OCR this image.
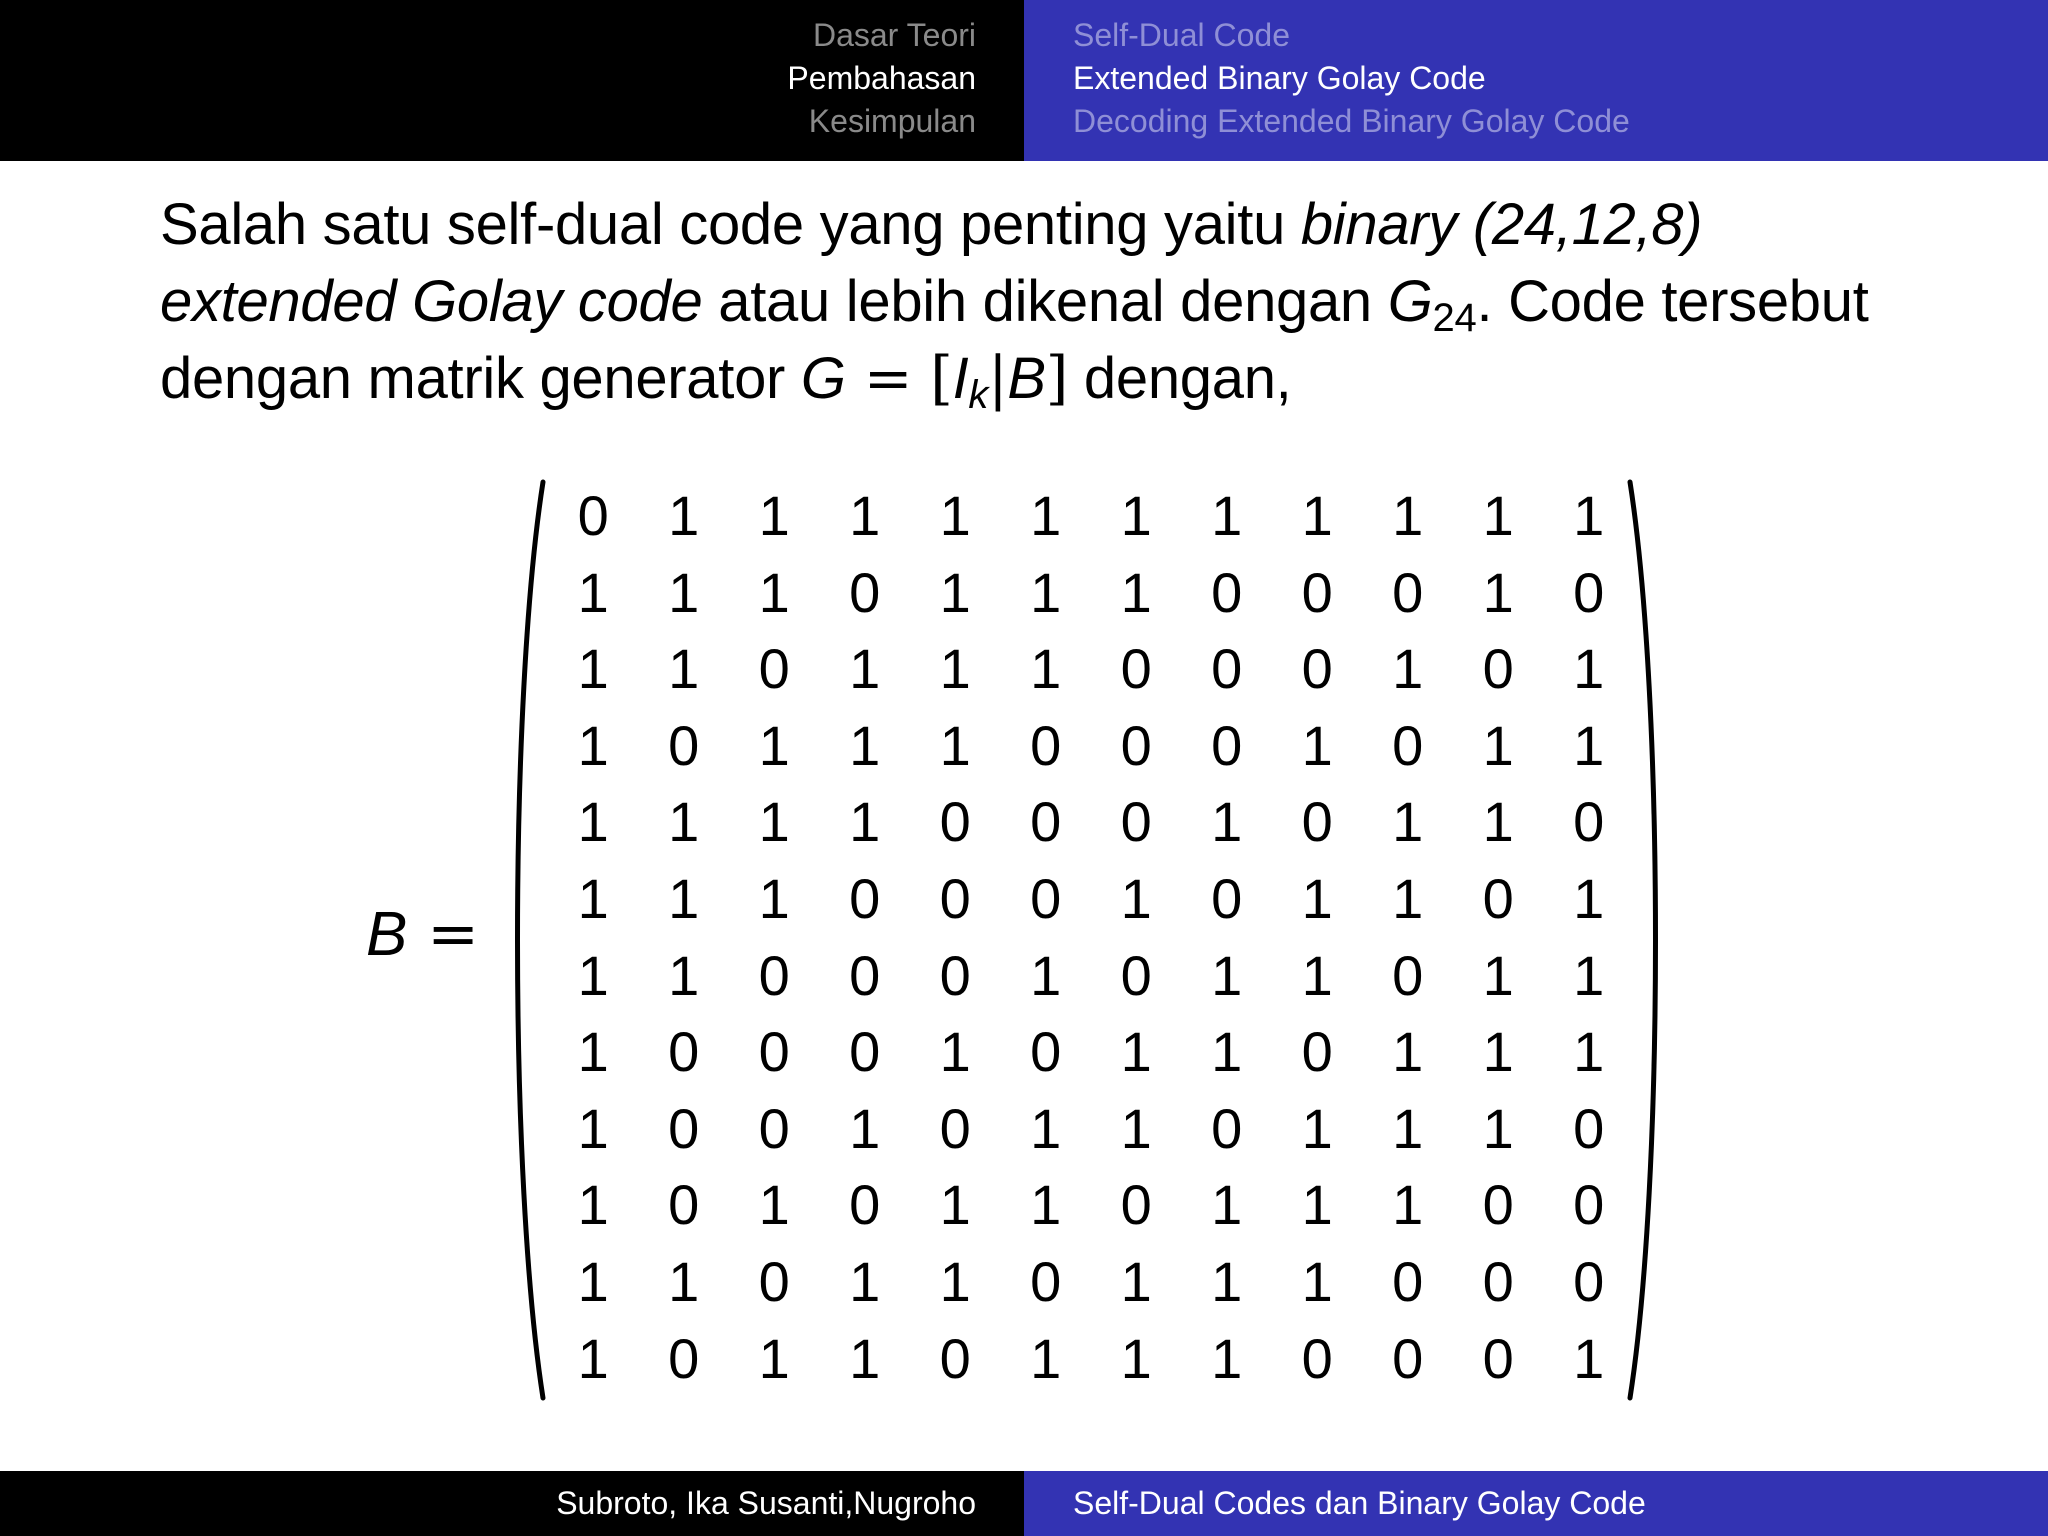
Dasar Teori
Pembahasan
Kesimpulan
Self-Dual Code
Extended Binary Golay Code
Decoding Extended Binary Golay Code
Salah satu self-dual code yang penting yaitu binary (24,12,8) extended Golay code atau lebih dikenal dengan $G_{24}$. Code tersebut dengan matrik generator $G = [I_k|B]$ dengan,
B =
0	1	1	1	1	1	1	1	1	1	1	1
1	1	1	0	1	1	1	0	0	0	1	0
1	1	0	1	1	1	0	0	0	1	0	1
1	0	1	1	1	0	0	0	1	0	1	1
1	1	1	1	0	0	0	1	0	1	1	0
1	1	1	0	0	0	1	0	1	1	0	1
1	1	0	0	0	1	0	1	1	0	1	1
1	0	0	0	1	0	1	1	0	1	1	1
1	0	0	1	0	1	1	0	1	1	1	0
1	0	1	0	1	1	0	1	1	1	0	0
1	1	0	1	1	0	1	1	1	0	0	0
1	0	1	1	0	1	1	1	0	0	0	1
Subroto, Ika Susanti,Nugroho	Self-Dual Codes dan Binary Golay Code
